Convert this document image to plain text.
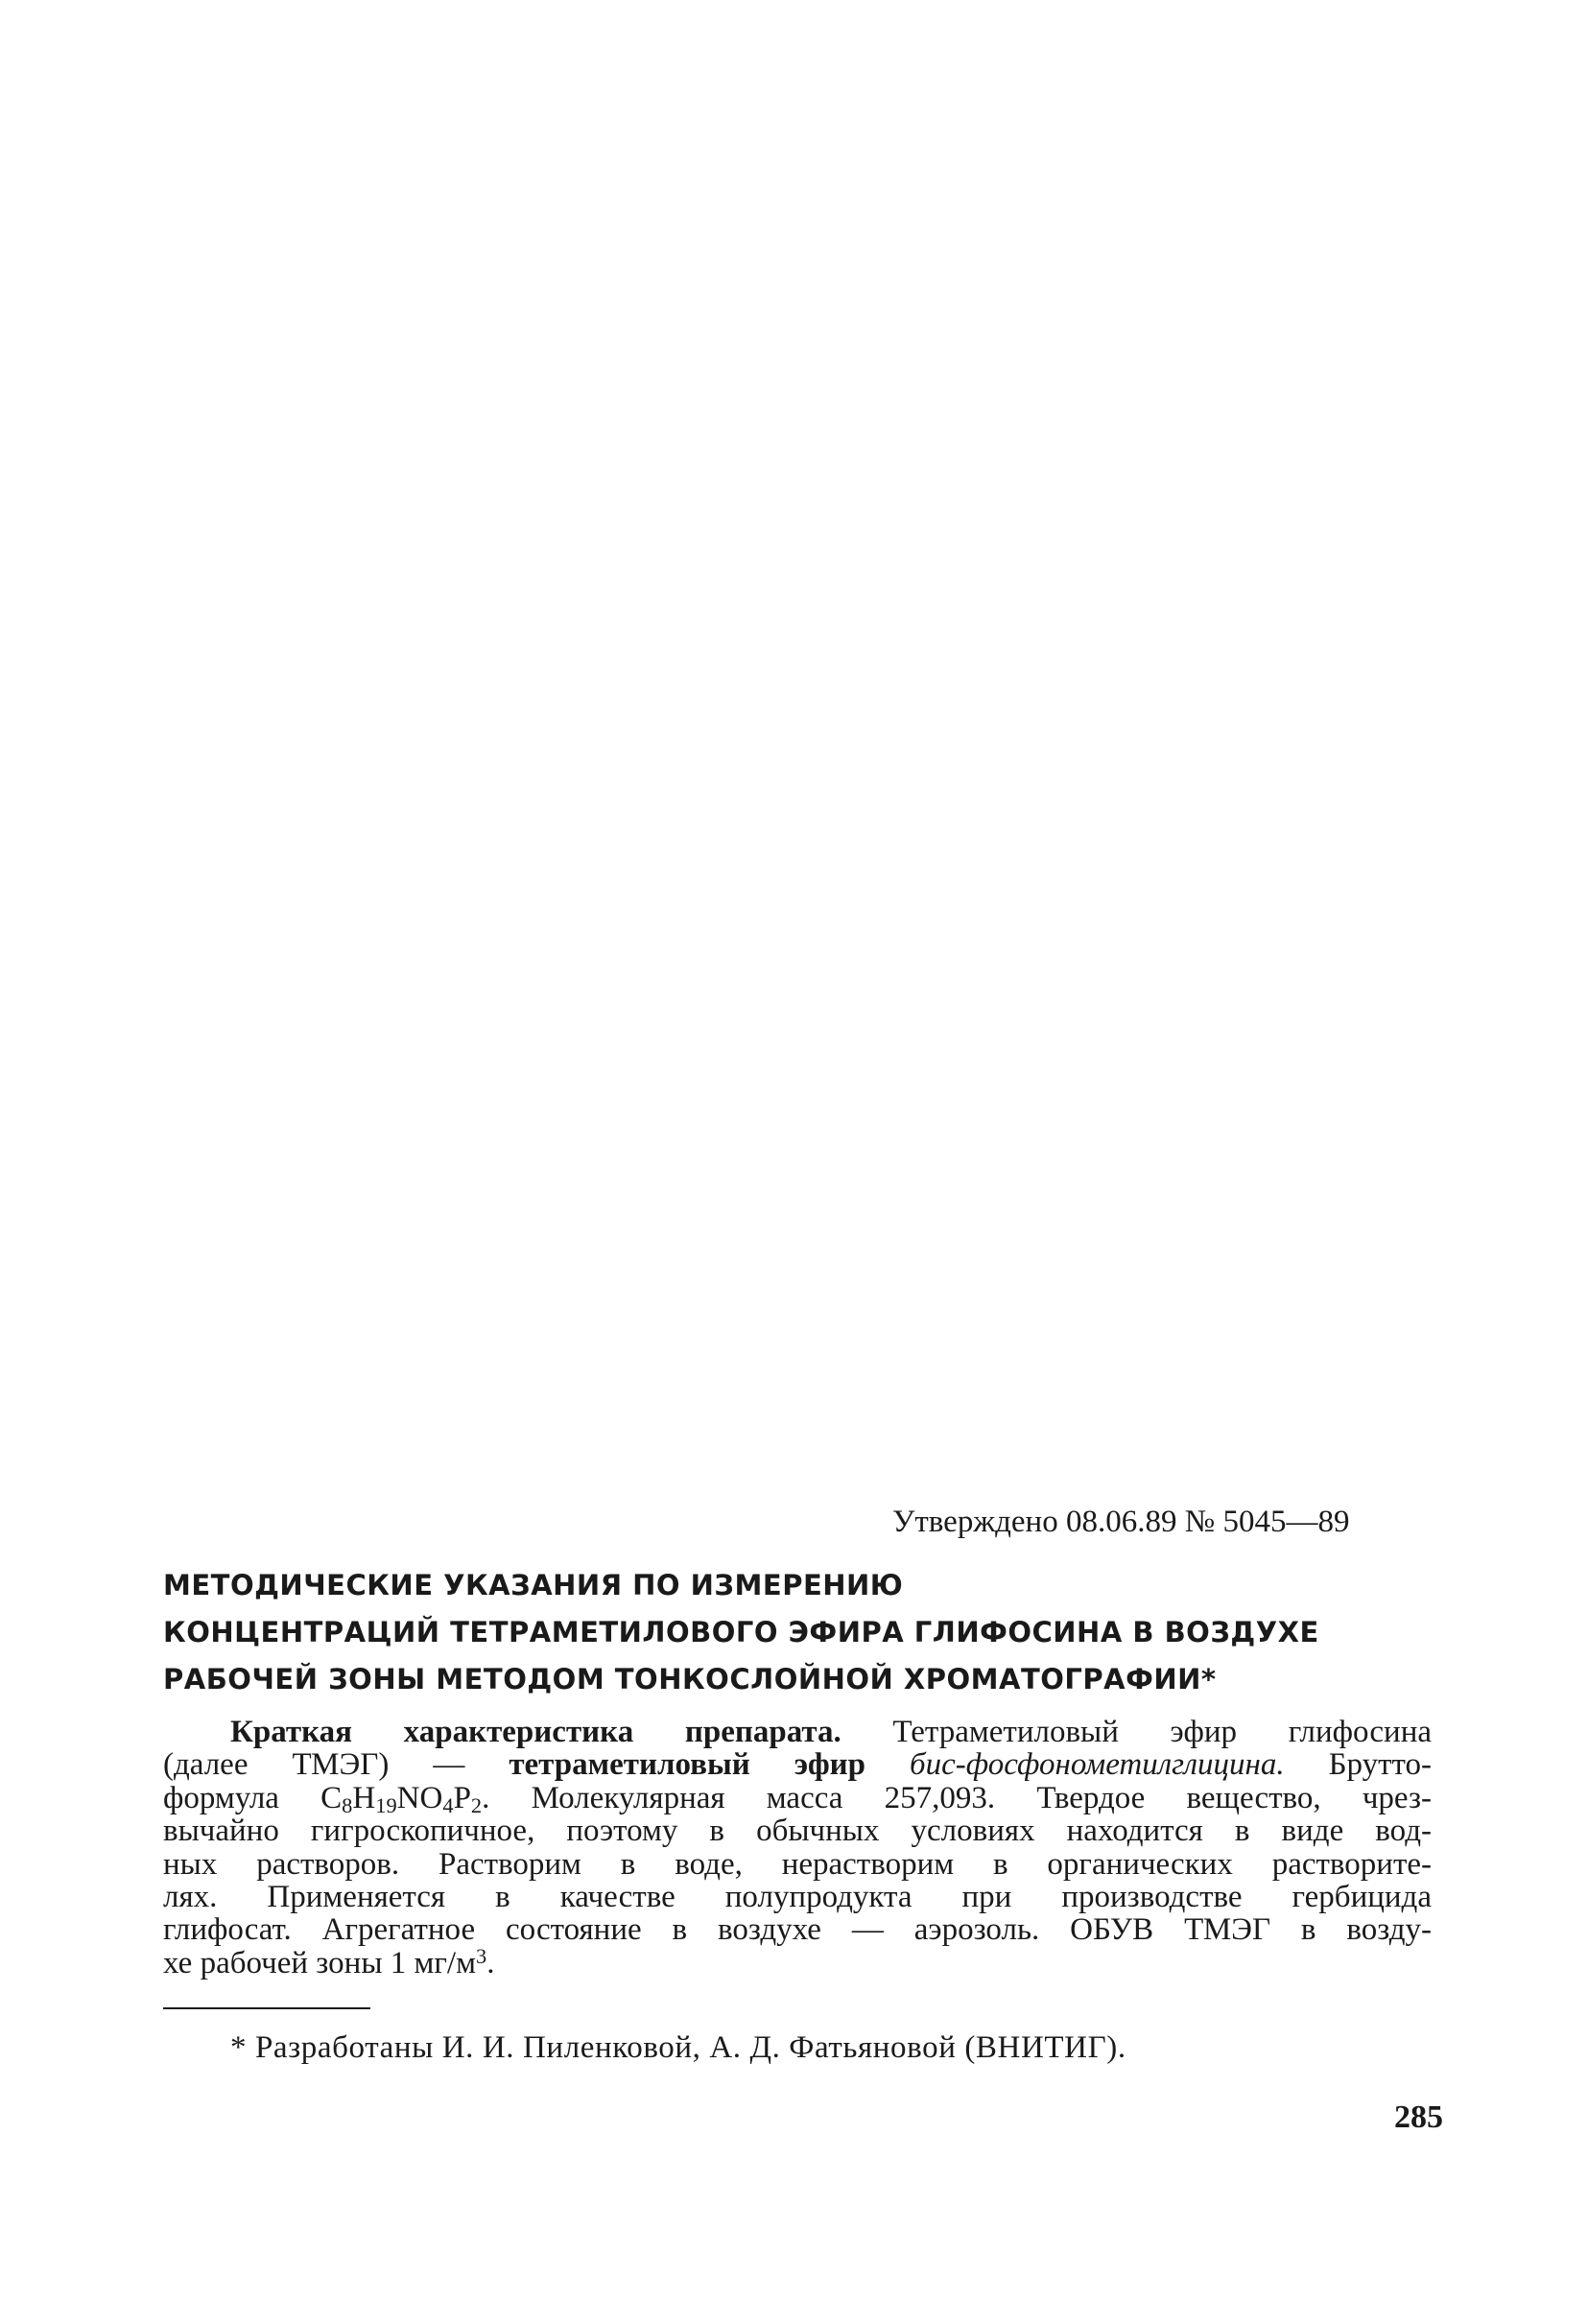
Утверждено 08.06.89 № 5045—89
МЕТОДИЧЕСКИЕ УКАЗАНИЯ ПО ИЗМЕРЕНИЮ
КОНЦЕНТРАЦИЙ ТЕТРАМЕТИЛОВОГО ЭФИРА ГЛИФОСИНА В ВОЗДУХЕ
РАБОЧЕЙ ЗОНЫ МЕТОДОМ ТОНКОСЛОЙНОЙ ХРОМАТОГРАФИИ*
Краткая характеристика препарата. Тетраметиловый эфир глифосина
(далее ТМЭГ) — тетраметиловый эфир бис-фосфонометилглицина. Брутто-
формула $C_8H_{19}NO_4P_2$. Молекулярная масса 257,093. Твердое вещество, чрез-
вычайно гигроскопичное, поэтому в обычных условиях находится в виде вод-
ных растворов. Растворим в воде, нерастворим в органических растворите-
лях. Применяется в качестве полупродукта при производстве гербицида
глифосат. Агрегатное состояние в воздухе — аэрозоль. ОБУВ ТМЭГ в возду-
хе рабочей зоны 1 $мг/м^3$.
* Разработаны И. И. Пиленковой, А. Д. Фатьяновой (ВНИТИГ).
285
